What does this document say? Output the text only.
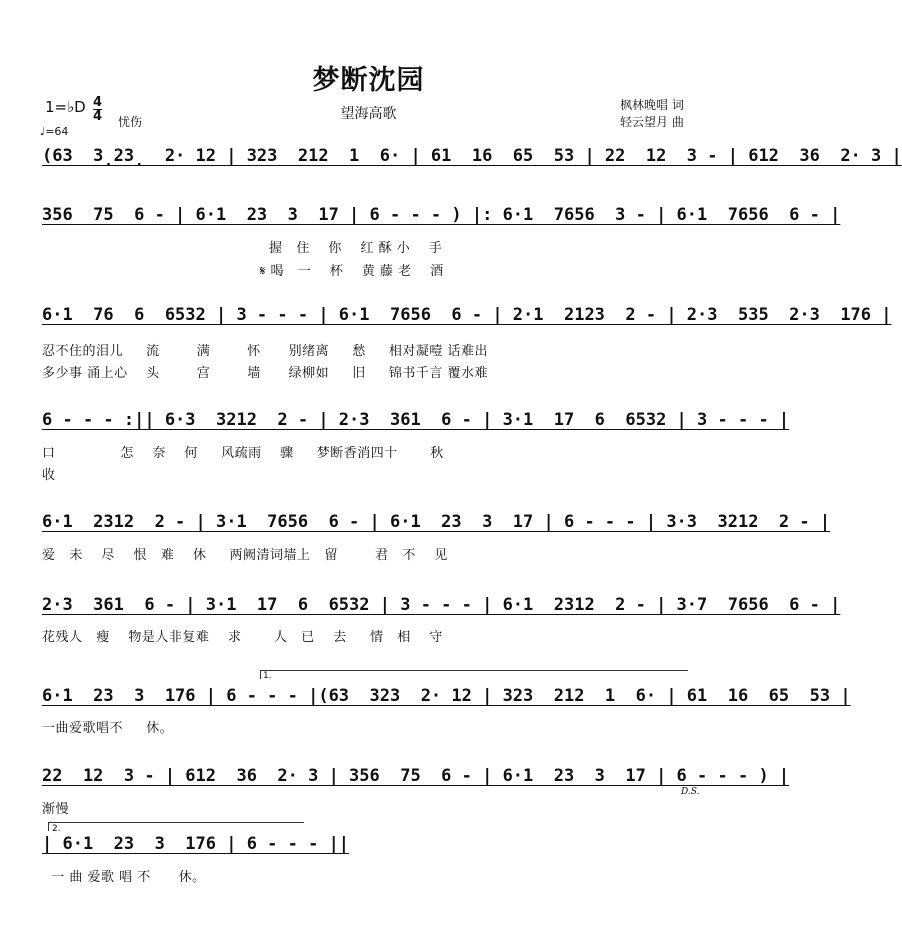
梦断沈园
望海高歌
1=♭D 4
4 忧伤
♩=64
枫林晚唱 词
轻云望月 曲
(63  3̣23̣  2· 12 | 323  212  1  6· | 61  16  65  53 | 22  12  3 - | 612  36  2· 3 |
356  75  6 - | 6·1  23  3  17 | 6 - - - ) |: 6·1  7656  3 - | 6·1  7656  6 - |
握   住    你    红 酥 小    手
𝄋 喝   一    杯    黄 藤 老    酒
6·1  76  6  6532 | 3 - - - | 6·1  7656  6 - | 2·1  2123  2 - | 2·3  535  2·3  176 |
忍不住的泪儿     流        满        怀      别绪离     愁     相对凝噎 话难出
多少事 涌上心    头        宫        墙      绿柳如     旧     锦书千言 覆水难
6 - - - :|| 6·3  3212  2 - | 2·3  361  6 - | 3·1  17  6  6532 | 3 - - - |
口              怎    奈    何     风疏雨    骤     梦断香消四十       秋
收
6·1  2312  2 - | 3·1  7656  6 - | 6·1  23  3  17 | 6 - - - | 3·3  3212  2 - |
爱   未    尽    恨   难    休     两阙清词墙上   留        君   不    见
2·3  361  6 - | 3·1  17  6  6532 | 3 - - - | 6·1  2312  2 - | 3·7  7656  6 - |
花残人   瘦    物是人非复难    求       人   已    去     情   相    守
1.
6·1  23  3  176 | 6 - - - |(63  323  2· 12 | 323  212  1  6· | 61  16  65  53 |
一曲爱歌唱不     休。
22  12  3 - | 612  36  2· 3 | 356  75  6 - | 6·1  23  3  17 | 6 - - - ) |
渐慢
D.S.
2.
| 6·1  23  3  176 | 6 - - - ||
一 曲 爱歌 唱 不      休。
